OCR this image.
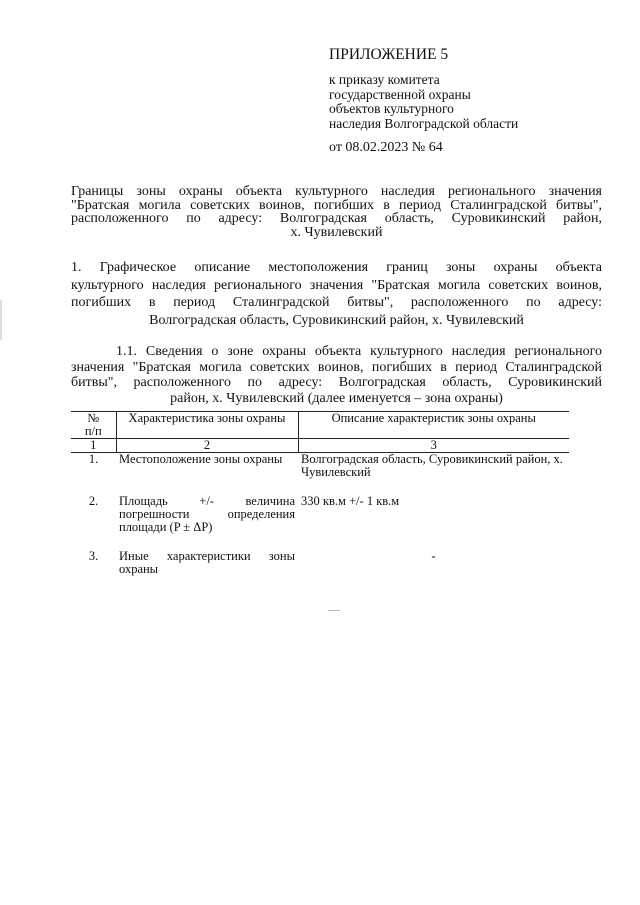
ПРИЛОЖЕНИЕ 5
к приказу комитета
государственной охраны
объектов культурного
наследия Волгоградской области
от 08.02.2023 № 64
Границы зоны охраны объекта культурного наследия регионального значения
"Братская могила советских воинов, погибших в период Сталинградской битвы",
расположенного по адресу: Волгоградская область, Суровикинский район,
х. Чувилевский
1. Графическое описание местоположения границ зоны охраны объекта
культурного наследия регионального значения "Братская могила советских воинов,
погибших в период Сталинградской битвы", расположенного по адресу:
Волгоградская область, Суровикинский район, х. Чувилевский
1.1. Сведения о зоне охраны объекта культурного наследия регионального
значения "Братская могила советских воинов, погибших в период Сталинградской
битвы", расположенного по адресу: Волгоградская область, Суровикинский
район, х. Чувилевский (далее именуется – зона охраны)
№
п/п	Характеристика зоны охраны	Описание характеристик зоны охраны
1	2	3
1.	Местоположение зоны охраны	Волгоградская область, Суровикинский район, х. Чувилевский
2.	Площадь +/- величина погрешности определения площади (P ± ΔP)	330 кв.м +/- 1 кв.м
3.	Иные характеристики зоны охраны	-
